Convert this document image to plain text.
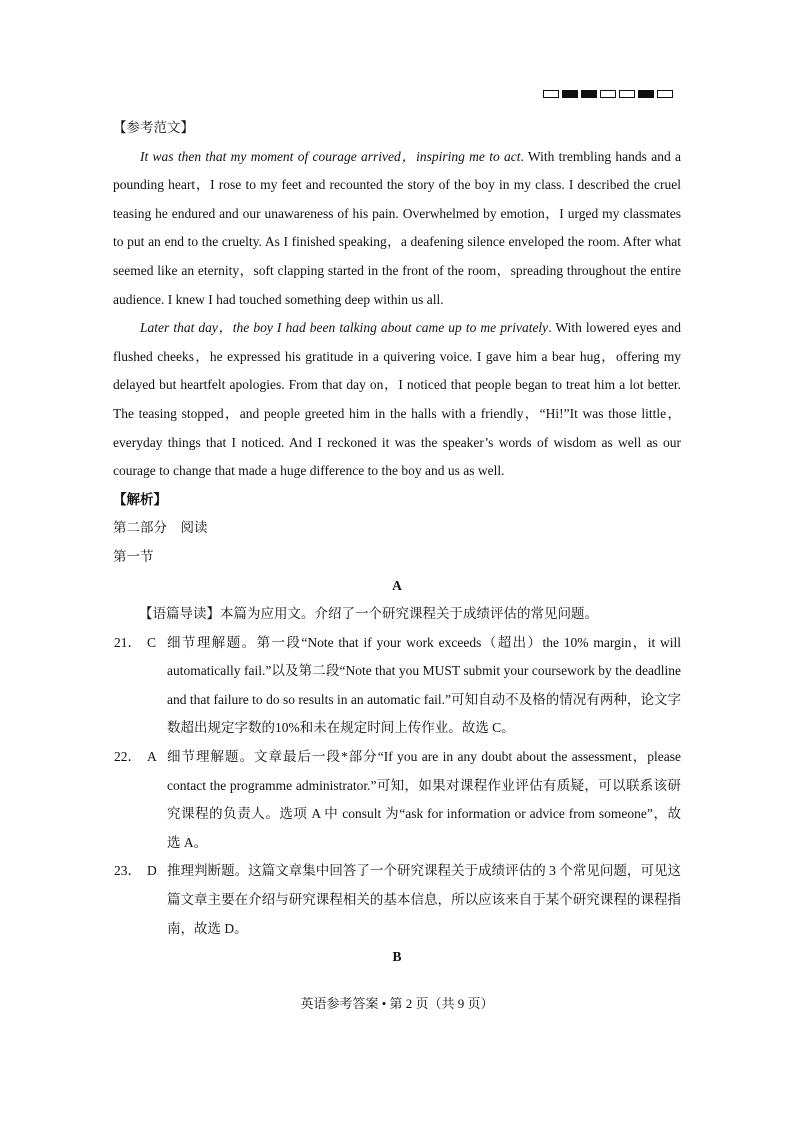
【参考范文】

It was then that my moment of courage arrived，inspiring me to act. With trembling hands and a pounding heart，I rose to my feet and recounted the story of the boy in my class. I described the cruel teasing he endured and our unawareness of his pain. Overwhelmed by emotion，I urged my classmates to put an end to the cruelty. As I finished speaking，a deafening silence enveloped the room. After what seemed like an eternity，soft clapping started in the front of the room，spreading throughout the entire audience. I knew I had touched something deep within us all.

Later that day，the boy I had been talking about came up to me privately. With lowered eyes and flushed cheeks，he expressed his gratitude in a quivering voice. I gave him a bear hug，offering my delayed but heartfelt apologies. From that day on，I noticed that people began to treat him a lot better. The teasing stopped，and people greeted him in the halls with a friendly，“Hi!”It was those little，everyday things that I noticed. And I reckoned it was the speaker’s words of wisdom as well as our courage to change that made a huge difference to the boy and us as well.

【解析】

第二部分　阅读

第一节

A

【语篇导读】本篇为应用文。介绍了一个研究课程关于成绩评估的常见问题。

21． C 细节理解题。第一段“Note that if your work exceeds（超出）the 10% margin，it will automatically fail.”以及第二段“Note that you MUST submit your coursework by the deadline and that failure to do so results in an automatic fail.”可知自动不及格的情况有两种，论文字数超出规定字数的10%和未在规定时间上传作业。故选 C。
22． A 细节理解题。文章最后一段*部分“If you are in any doubt about the assessment，please contact the programme administrator.”可知，如果对课程作业评估有质疑，可以联系该研究课程的负责人。选项 A 中 consult 为“ask for information or advice from someone”，故选 A。
23． D 推理判断题。这篇文章集中回答了一个研究课程关于成绩评估的 3 个常见问题，可见这篇文章主要在介绍与研究课程相关的基本信息，所以应该来自于某个研究课程的课程指南，故选 D。

B

英语参考答案 • 第 2 页（共 9 页）
